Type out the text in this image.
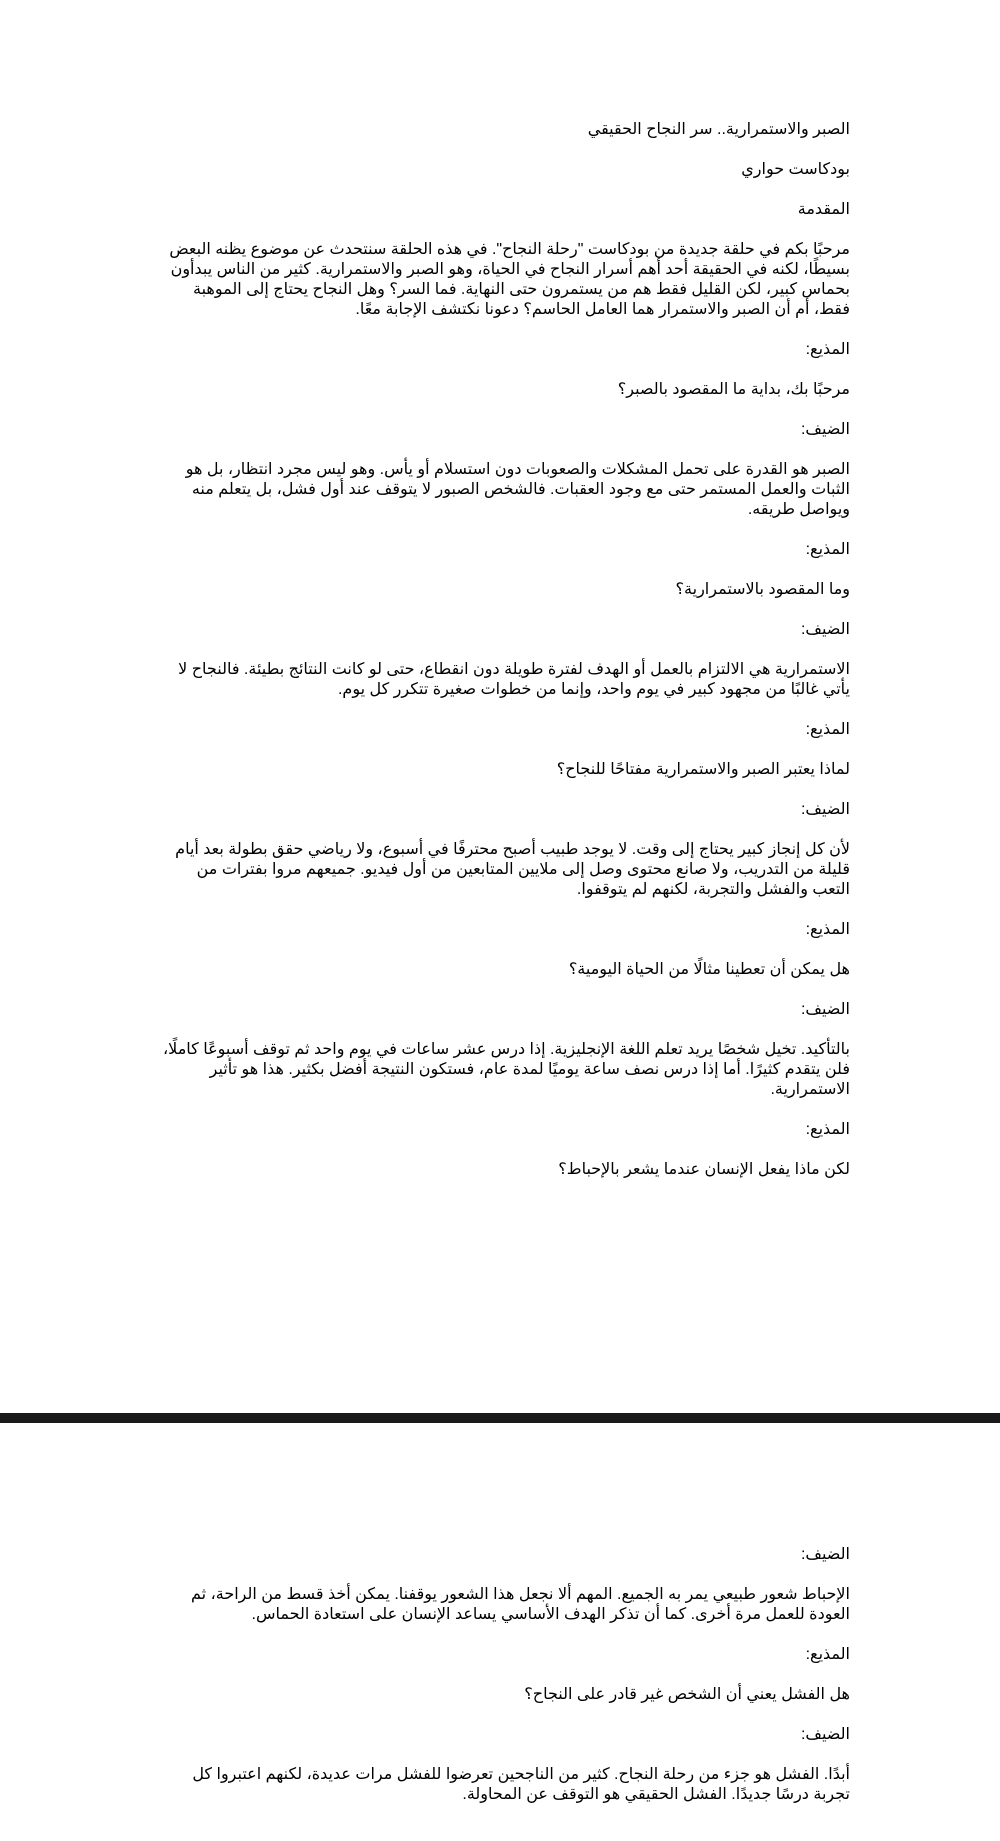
الصبر والاستمرارية.. سر النجاح الحقيقي

بودكاست حواري

المقدمة

مرحبًا بكم في حلقة جديدة من بودكاست "رحلة النجاح". في هذه الحلقة سنتحدث عن موضوع يظنه البعض بسيطًا، لكنه في الحقيقة أحد أهم أسرار النجاح في الحياة، وهو الصبر والاستمرارية. كثير من الناس يبدأون بحماس كبير، لكن القليل فقط هم من يستمرون حتى النهاية. فما السر؟ وهل النجاح يحتاج إلى الموهبة فقط، أم أن الصبر والاستمرار هما العامل الحاسم؟ دعونا نكتشف الإجابة معًا.

المذيع:

مرحبًا بك، بداية ما المقصود بالصبر؟

الضيف:

الصبر هو القدرة على تحمل المشكلات والصعوبات دون استسلام أو يأس. وهو ليس مجرد انتظار، بل هو الثبات والعمل المستمر حتى مع وجود العقبات. فالشخص الصبور لا يتوقف عند أول فشل، بل يتعلم منه ويواصل طريقه.

المذيع:

وما المقصود بالاستمرارية؟

الضيف:

الاستمرارية هي الالتزام بالعمل أو الهدف لفترة طويلة دون انقطاع، حتى لو كانت النتائج بطيئة. فالنجاح لا يأتي غالبًا من مجهود كبير في يوم واحد، وإنما من خطوات صغيرة تتكرر كل يوم.

المذيع:

لماذا يعتبر الصبر والاستمرارية مفتاحًا للنجاح؟

الضيف:

لأن كل إنجاز كبير يحتاج إلى وقت. لا يوجد طبيب أصبح محترفًا في أسبوع، ولا رياضي حقق بطولة بعد أيام قليلة من التدريب، ولا صانع محتوى وصل إلى ملايين المتابعين من أول فيديو. جميعهم مروا بفترات من التعب والفشل والتجربة، لكنهم لم يتوقفوا.

المذيع:

هل يمكن أن تعطينا مثالًا من الحياة اليومية؟

الضيف:

بالتأكيد. تخيل شخصًا يريد تعلم اللغة الإنجليزية. إذا درس عشر ساعات في يوم واحد ثم توقف أسبوعًا كاملًا، فلن يتقدم كثيرًا. أما إذا درس نصف ساعة يوميًا لمدة عام، فستكون النتيجة أفضل بكثير. هذا هو تأثير الاستمرارية.

المذيع:

لكن ماذا يفعل الإنسان عندما يشعر بالإحباط؟

الضيف:

الإحباط شعور طبيعي يمر به الجميع. المهم ألا نجعل هذا الشعور يوقفنا. يمكن أخذ قسط من الراحة، ثم العودة للعمل مرة أخرى. كما أن تذكر الهدف الأساسي يساعد الإنسان على استعادة الحماس.

المذيع:

هل الفشل يعني أن الشخص غير قادر على النجاح؟

الضيف:

أبدًا. الفشل هو جزء من رحلة النجاح. كثير من الناجحين تعرضوا للفشل مرات عديدة، لكنهم اعتبروا كل تجربة درسًا جديدًا. الفشل الحقيقي هو التوقف عن المحاولة.
